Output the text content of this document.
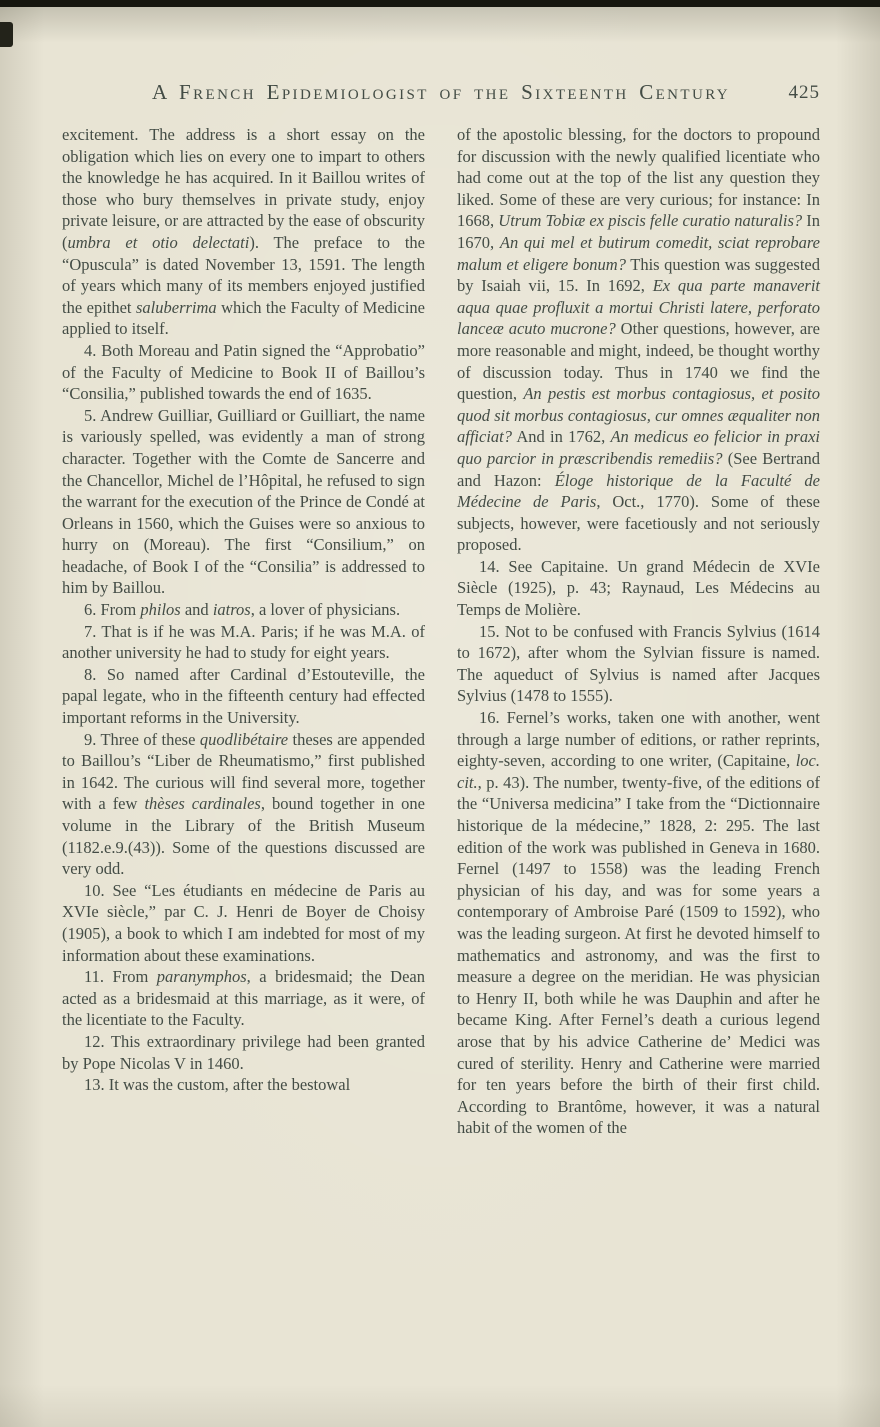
A French Epidemiologist of the Sixteenth Century	425

excitement. The address is a short essay on the obligation which lies on every one to impart to others the knowledge he has acquired. In it Baillou writes of those who bury themselves in private study, enjoy private leisure, or are attracted by the ease of obscurity (umbra et otio delectati). The preface to the “Opuscula” is dated November 13, 1591. The length of years which many of its members enjoyed justified the epithet saluberrima which the Faculty of Medicine applied to itself.

4. Both Moreau and Patin signed the “Approbatio” of the Faculty of Medicine to Book II of Baillou’s “Consilia,” published towards the end of 1635.

5. Andrew Guilliar, Guilliard or Guilliart, the name is variously spelled, was evidently a man of strong character. Together with the Comte de Sancerre and the Chancellor, Michel de l’Hôpital, he refused to sign the warrant for the execution of the Prince de Condé at Orleans in 1560, which the Guises were so anxious to hurry on (Moreau). The first “Consilium,” on headache, of Book I of the “Consilia” is addressed to him by Baillou.

6. From philos and iatros, a lover of physicians.

7. That is if he was M.A. Paris; if he was M.A. of another university he had to study for eight years.

8. So named after Cardinal d’Estouteville, the papal legate, who in the fifteenth century had effected important reforms in the University.

9. Three of these quodlibétaire theses are appended to Baillou’s “Liber de Rheumatismo,” first published in 1642. The curious will find several more, together with a few thèses cardinales, bound together in one volume in the Library of the British Museum (1182.e.9.(43)). Some of the questions discussed are very odd.

10. See “Les étudiants en médecine de Paris au XVIe siècle,” par C. J. Henri de Boyer de Choisy (1905), a book to which I am indebted for most of my information about these examinations.

11. From paranymphos, a bridesmaid; the Dean acted as a bridesmaid at this marriage, as it were, of the licentiate to the Faculty.

12. This extraordinary privilege had been granted by Pope Nicolas V in 1460.

13. It was the custom, after the bestowal

of the apostolic blessing, for the doctors to propound for discussion with the newly qualified licentiate who had come out at the top of the list any question they liked. Some of these are very curious; for instance: In 1668, Utrum Tobiæ ex piscis felle curatio naturalis? In 1670, An qui mel et butirum comedit, sciat reprobare malum et eligere bonum? This question was suggested by Isaiah vii, 15. In 1692, Ex qua parte manaverit aqua quae profluxit a mortui Christi latere, perforato lanceæ acuto mucrone? Other questions, however, are more reasonable and might, indeed, be thought worthy of discussion today. Thus in 1740 we find the question, An pestis est morbus contagiosus, et posito quod sit morbus contagiosus, cur omnes æqualiter non afficiat? And in 1762, An medicus eo felicior in praxi quo parcior in præscribendis remediis? (See Bertrand and Hazon: Éloge historique de la Faculté de Médecine de Paris, Oct., 1770). Some of these subjects, however, were facetiously and not seriously proposed.

14. See Capitaine. Un grand Médecin de XVIe Siècle (1925), p. 43; Raynaud, Les Médecins au Temps de Molière.

15. Not to be confused with Francis Sylvius (1614 to 1672), after whom the Sylvian fissure is named. The aqueduct of Sylvius is named after Jacques Sylvius (1478 to 1555).

16. Fernel’s works, taken one with another, went through a large number of editions, or rather reprints, eighty-seven, according to one writer, (Capitaine, loc. cit., p. 43). The number, twenty-five, of the editions of the “Universa medicina” I take from the “Dictionnaire historique de la médecine,” 1828, 2: 295. The last edition of the work was published in Geneva in 1680. Fernel (1497 to 1558) was the leading French physician of his day, and was for some years a contemporary of Ambroise Paré (1509 to 1592), who was the leading surgeon. At first he devoted himself to mathematics and astronomy, and was the first to measure a degree on the meridian. He was physician to Henry II, both while he was Dauphin and after he became King. After Fernel’s death a curious legend arose that by his advice Catherine de’ Medici was cured of sterility. Henry and Catherine were married for ten years before the birth of their first child. According to Brantôme, however, it was a natural habit of the women of the
